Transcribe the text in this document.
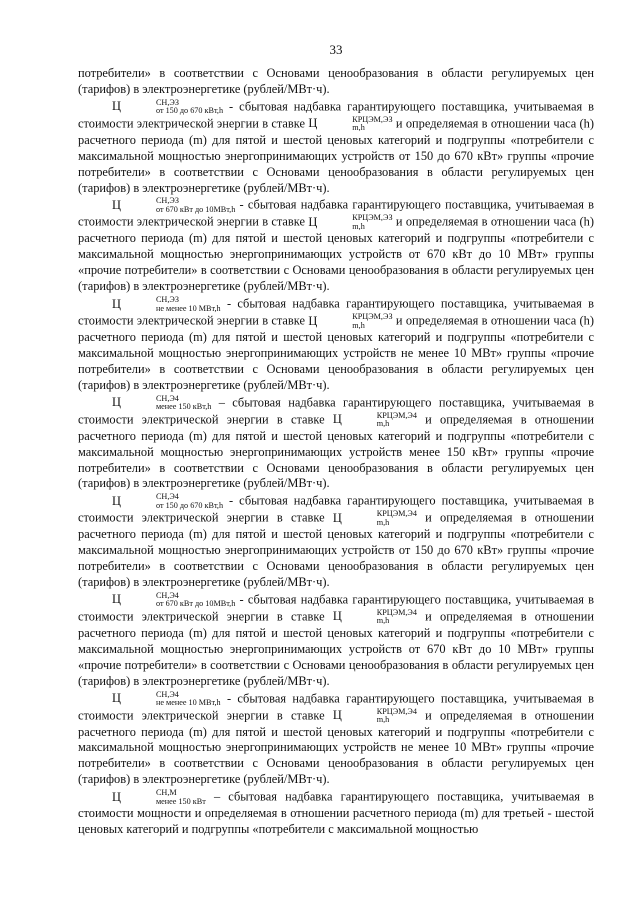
33

потребители» в соответствии с Основами ценообразования в области регулируемых цен (тарифов) в электроэнергетике (рублей/МВт·ч).

Ц	СН,ЭЗ
от 150 до 670 кВт,h - сбытовая надбавка гарантирующего поставщика, учитываемая в стоимости электрической энергии в ставке Ц	КРЦЭМ,ЭЗ
m,h	и определяемая в отношении часа (h) расчетного периода (m) для пятой и шестой ценовых категорий и подгруппы «потребители с максимальной мощностью энергопринимающих устройств от 150 до 670 кВт» группы «прочие потребители» в соответствии с Основами ценообразования в области регулируемых цен (тарифов) в электроэнергетике (рублей/МВт·ч).

Ц	СН,ЭЗ
от 670 кВт до 10МВт,h - сбытовая надбавка гарантирующего поставщика, учитываемая в стоимости электрической энергии в ставке Ц	КРЦЭМ,ЭЗ
m,h	и определяемая в отношении часа (h) расчетного периода (m) для пятой и шестой ценовых категорий и подгруппы «потребители с максимальной мощностью энергопринимающих устройств от 670 кВт до 10 МВт» группы «прочие потребители» в соответствии с Основами ценообразования в области регулируемых цен (тарифов) в электроэнергетике (рублей/МВт·ч).

Ц	СН,ЭЗ
не менее 10 МВт,h - сбытовая надбавка гарантирующего поставщика, учитываемая в стоимости электрической энергии в ставке Ц	КРЦЭМ,ЭЗ
m,h	и определяемая в отношении часа (h) расчетного периода (m) для пятой и шестой ценовых категорий и подгруппы «потребители с максимальной мощностью энергопринимающих устройств не менее 10 МВт» группы «прочие потребители» в соответствии с Основами ценообразования в области регулируемых цен (тарифов) в электроэнергетике (рублей/МВт·ч).

Ц	СН,Э4
менее 150 кВт,h – сбытовая надбавка гарантирующего поставщика, учитываемая в стоимости электрической энергии в ставке Ц	КРЦЭМ,Э4
m,h	и определяемая в отношении расчетного периода (m) для пятой и шестой ценовых категорий и подгруппы «потребители с максимальной мощностью энергопринимающих устройств менее 150 кВт» группы «прочие потребители» в соответствии с Основами ценообразования в области регулируемых цен (тарифов) в электроэнергетике (рублей/МВт·ч).

Ц	СН,Э4
от 150 до 670 кВт,h - сбытовая надбавка гарантирующего поставщика, учитываемая в стоимости электрической энергии в ставке Ц	КРЦЭМ,Э4
m,h	и определяемая в отношении расчетного периода (m) для пятой и шестой ценовых категорий и подгруппы «потребители с максимальной мощностью энергопринимающих устройств от 150 до 670 кВт» группы «прочие потребители» в соответствии с Основами ценообразования в области регулируемых цен (тарифов) в электроэнергетике (рублей/МВт·ч).

Ц	СН,Э4
от 670 кВт до 10МВт,h - сбытовая надбавка гарантирующего поставщика, учитываемая в стоимости электрической энергии в ставке Ц	КРЦЭМ,Э4
m,h	и определяемая в отношении расчетного периода (m) для пятой и шестой ценовых категорий и подгруппы «потребители с максимальной мощностью энергопринимающих устройств от 670 кВт до 10 МВт» группы «прочие потребители» в соответствии с Основами ценообразования в области регулируемых цен (тарифов) в электроэнергетике (рублей/МВт·ч).

Ц	СН,Э4
не менее 10 МВт,h - сбытовая надбавка гарантирующего поставщика, учитываемая в стоимости электрической энергии в ставке Ц	КРЦЭМ,Э4
m,h	и определяемая в отношении расчетного периода (m) для пятой и шестой ценовых категорий и подгруппы «потребители с максимальной мощностью энергопринимающих устройств не менее 10 МВт» группы «прочие потребители» в соответствии с Основами ценообразования в области регулируемых цен (тарифов) в электроэнергетике (рублей/МВт·ч).

Ц	СН,М
менее 150 кВт – сбытовая надбавка гарантирующего поставщика, учитываемая в стоимости мощности и определяемая в отношении расчетного периода (m) для третьей - шестой ценовых категорий и подгруппы «потребители с максимальной мощностью
